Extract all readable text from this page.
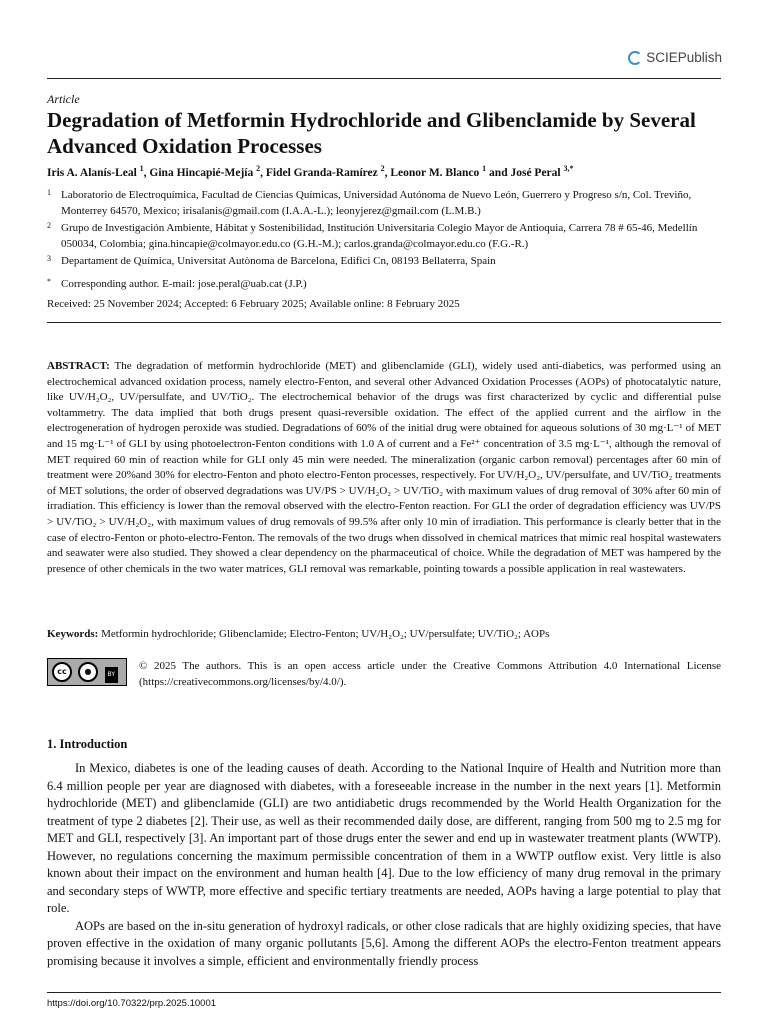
SCIEPublish
Article
Degradation of Metformin Hydrochloride and Glibenclamide by Several Advanced Oxidation Processes
Iris A. Alanís-Leal $^1$, Gina Hincapié-Mejía $^2$, Fidel Granda-Ramírez $^2$, Leonor M. Blanco $^1$ and José Peral $^{3,*}$
1 Laboratorio de Electroquímica, Facultad de Ciencias Químicas, Universidad Autónoma de Nuevo León, Guerrero y Progreso s/n, Col. Treviño, Monterrey 64570, Mexico; irisalanis@gmail.com (I.A.A.-L.); leonyjerez@gmail.com (L.M.B.)
2 Grupo de Investigación Ambiente, Hábitat y Sostenibilidad, Institución Universitaria Colegio Mayor de Antioquia, Carrera 78 # 65-46, Medellín 050034, Colombia; gina.hincapie@colmayor.edu.co (G.H.-M.); carlos.granda@colmayor.edu.co (F.G.-R.)
3 Departament de Química, Universitat Autònoma de Barcelona, Edifici Cn, 08193 Bellaterra, Spain
* Corresponding author. E-mail: jose.peral@uab.cat (J.P.)
Received: 25 November 2024; Accepted: 6 February 2025; Available online: 8 February 2025
ABSTRACT: The degradation of metformin hydrochloride (MET) and glibenclamide (GLI), widely used anti-diabetics, was performed using an electrochemical advanced oxidation process, namely electro-Fenton, and several other Advanced Oxidation Processes (AOPs) of photocatalytic nature, like UV/H₂O₂, UV/persulfate, and UV/TiO₂. The electrochemical behavior of the drugs was first characterized by cyclic and differential pulse voltammetry. The data implied that both drugs present quasi-reversible oxidation. The effect of the applied current and the airflow in the electrogeneration of hydrogen peroxide was studied. Degradations of 60% of the initial drug were obtained for aqueous solutions of 30 mg·L⁻¹ of MET and 15 mg·L⁻¹ of GLI by using photoelectron-Fenton conditions with 1.0 A of current and a Fe²⁺ concentration of 3.5 mg·L⁻¹, although the removal of MET required 60 min of reaction while for GLI only 45 min were needed. The mineralization (organic carbon removal) percentages after 60 min of treatment were 20%and 30% for electro-Fenton and photo electro-Fenton processes, respectively. For UV/H₂O₂, UV/persulfate, and UV/TiO₂ treatments of MET solutions, the order of observed degradations was UV/PS > UV/H₂O₂ > UV/TiO₂ with maximum values of drug removal of 30% after 60 min of irradiation. This efficiency is lower than the removal observed with the electro-Fenton reaction. For GLI the order of degradation efficiency was UV/PS > UV/TiO₂ > UV/H₂O₂, with maximum values of drug removals of 99.5% after only 10 min of irradiation. This performance is clearly better that in the case of electro-Fenton or photo-electro-Fenton. The removals of the two drugs when dissolved in chemical matrices that mimic real hospital wastewaters and seawater were also studied. They showed a clear dependency on the pharmaceutical of choice. While the degradation of MET was hampered by the presence of other chemicals in the two water matrices, GLI removal was remarkable, pointing towards a possible application in real wastewaters.
Keywords: Metformin hydrochloride; Glibenclamide; Electro-Fenton; UV/H₂O₂; UV/persulfate; UV/TiO₂; AOPs
cc	●	BY
© 2025 The authors. This is an open access article under the Creative Commons Attribution 4.0 International License (https://creativecommons.org/licenses/by/4.0/).
1. Introduction

In Mexico, diabetes is one of the leading causes of death. According to the National Inquire of Health and Nutrition more than 6.4 million people per year are diagnosed with diabetes, with a foreseeable increase in the number in the next years [1]. Metformin hydrochloride (MET) and glibenclamide (GLI) are two antidiabetic drugs recommended by the World Health Organization for the treatment of type 2 diabetes [2]. Their use, as well as their recommended daily dose, are different, ranging from 500 mg to 2.5 mg for MET and GLI, respectively [3]. An important part of those drugs enter the sewer and end up in wastewater treatment plants (WWTP). However, no regulations concerning the maximum permissible concentration of them in a WWTP outflow exist. Very little is also known about their impact on the environment and human health [4]. Due to the low efficiency of many drug removal in the primary and secondary steps of WWTP, more effective and specific tertiary treatments are needed, AOPs having a large potential to play that role.

AOPs are based on the in-situ generation of hydroxyl radicals, or other close radicals that are highly oxidizing species, that have proven effective in the oxidation of many organic pollutants [5,6]. Among the different AOPs the electro-Fenton treatment appears promising because it involves a simple, efficient and environmentally friendly process

https://doi.org/10.70322/prp.2025.10001
